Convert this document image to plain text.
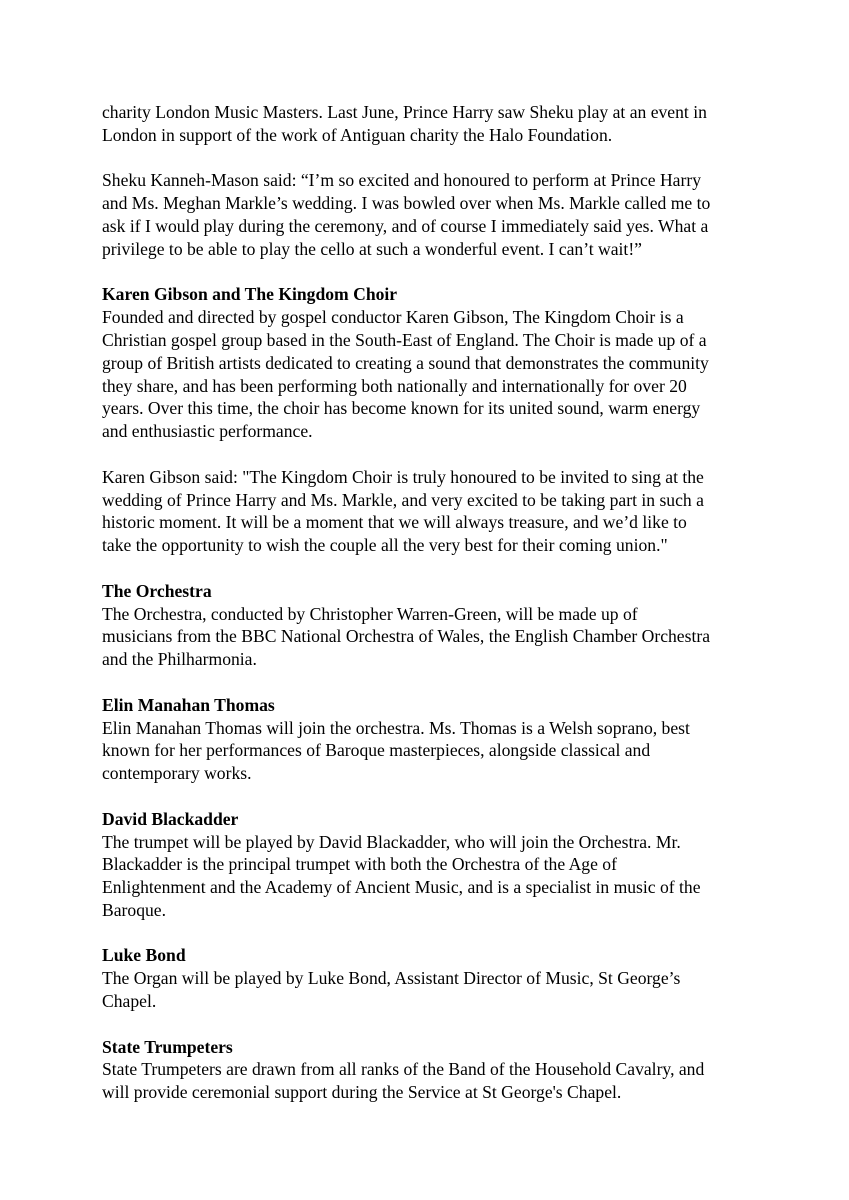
charity London Music Masters. Last June, Prince Harry saw Sheku play at an event in
London in support of the work of Antiguan charity the Halo Foundation.

Sheku Kanneh-Mason said: “I’m so excited and honoured to perform at Prince Harry
and Ms. Meghan Markle’s wedding. I was bowled over when Ms. Markle called me to
ask if I would play during the ceremony, and of course I immediately said yes. What a
privilege to be able to play the cello at such a wonderful event. I can’t wait!”

Karen Gibson and The Kingdom Choir

Founded and directed by gospel conductor Karen Gibson, The Kingdom Choir is a
Christian gospel group based in the South-East of England. The Choir is made up of a
group of British artists dedicated to creating a sound that demonstrates the community
they share, and has been performing both nationally and internationally for over 20
years. Over this time, the choir has become known for its united sound, warm energy
and enthusiastic performance.

Karen Gibson said: "The Kingdom Choir is truly honoured to be invited to sing at the
wedding of Prince Harry and Ms. Markle, and very excited to be taking part in such a
historic moment. It will be a moment that we will always treasure, and we’d like to
take the opportunity to wish the couple all the very best for their coming union."

The Orchestra

The Orchestra, conducted by Christopher Warren-Green, will be made up of
musicians from the BBC National Orchestra of Wales, the English Chamber Orchestra
and the Philharmonia.

Elin Manahan Thomas

Elin Manahan Thomas will join the orchestra. Ms. Thomas is a Welsh soprano, best
known for her performances of Baroque masterpieces, alongside classical and
contemporary works.

David Blackadder

The trumpet will be played by David Blackadder, who will join the Orchestra. Mr.
Blackadder is the principal trumpet with both the Orchestra of the Age of
Enlightenment and the Academy of Ancient Music, and is a specialist in music of the
Baroque.

Luke Bond

The Organ will be played by Luke Bond, Assistant Director of Music, St George’s
Chapel.

State Trumpeters

State Trumpeters are drawn from all ranks of the Band of the Household Cavalry, and
will provide ceremonial support during the Service at St George's Chapel.
